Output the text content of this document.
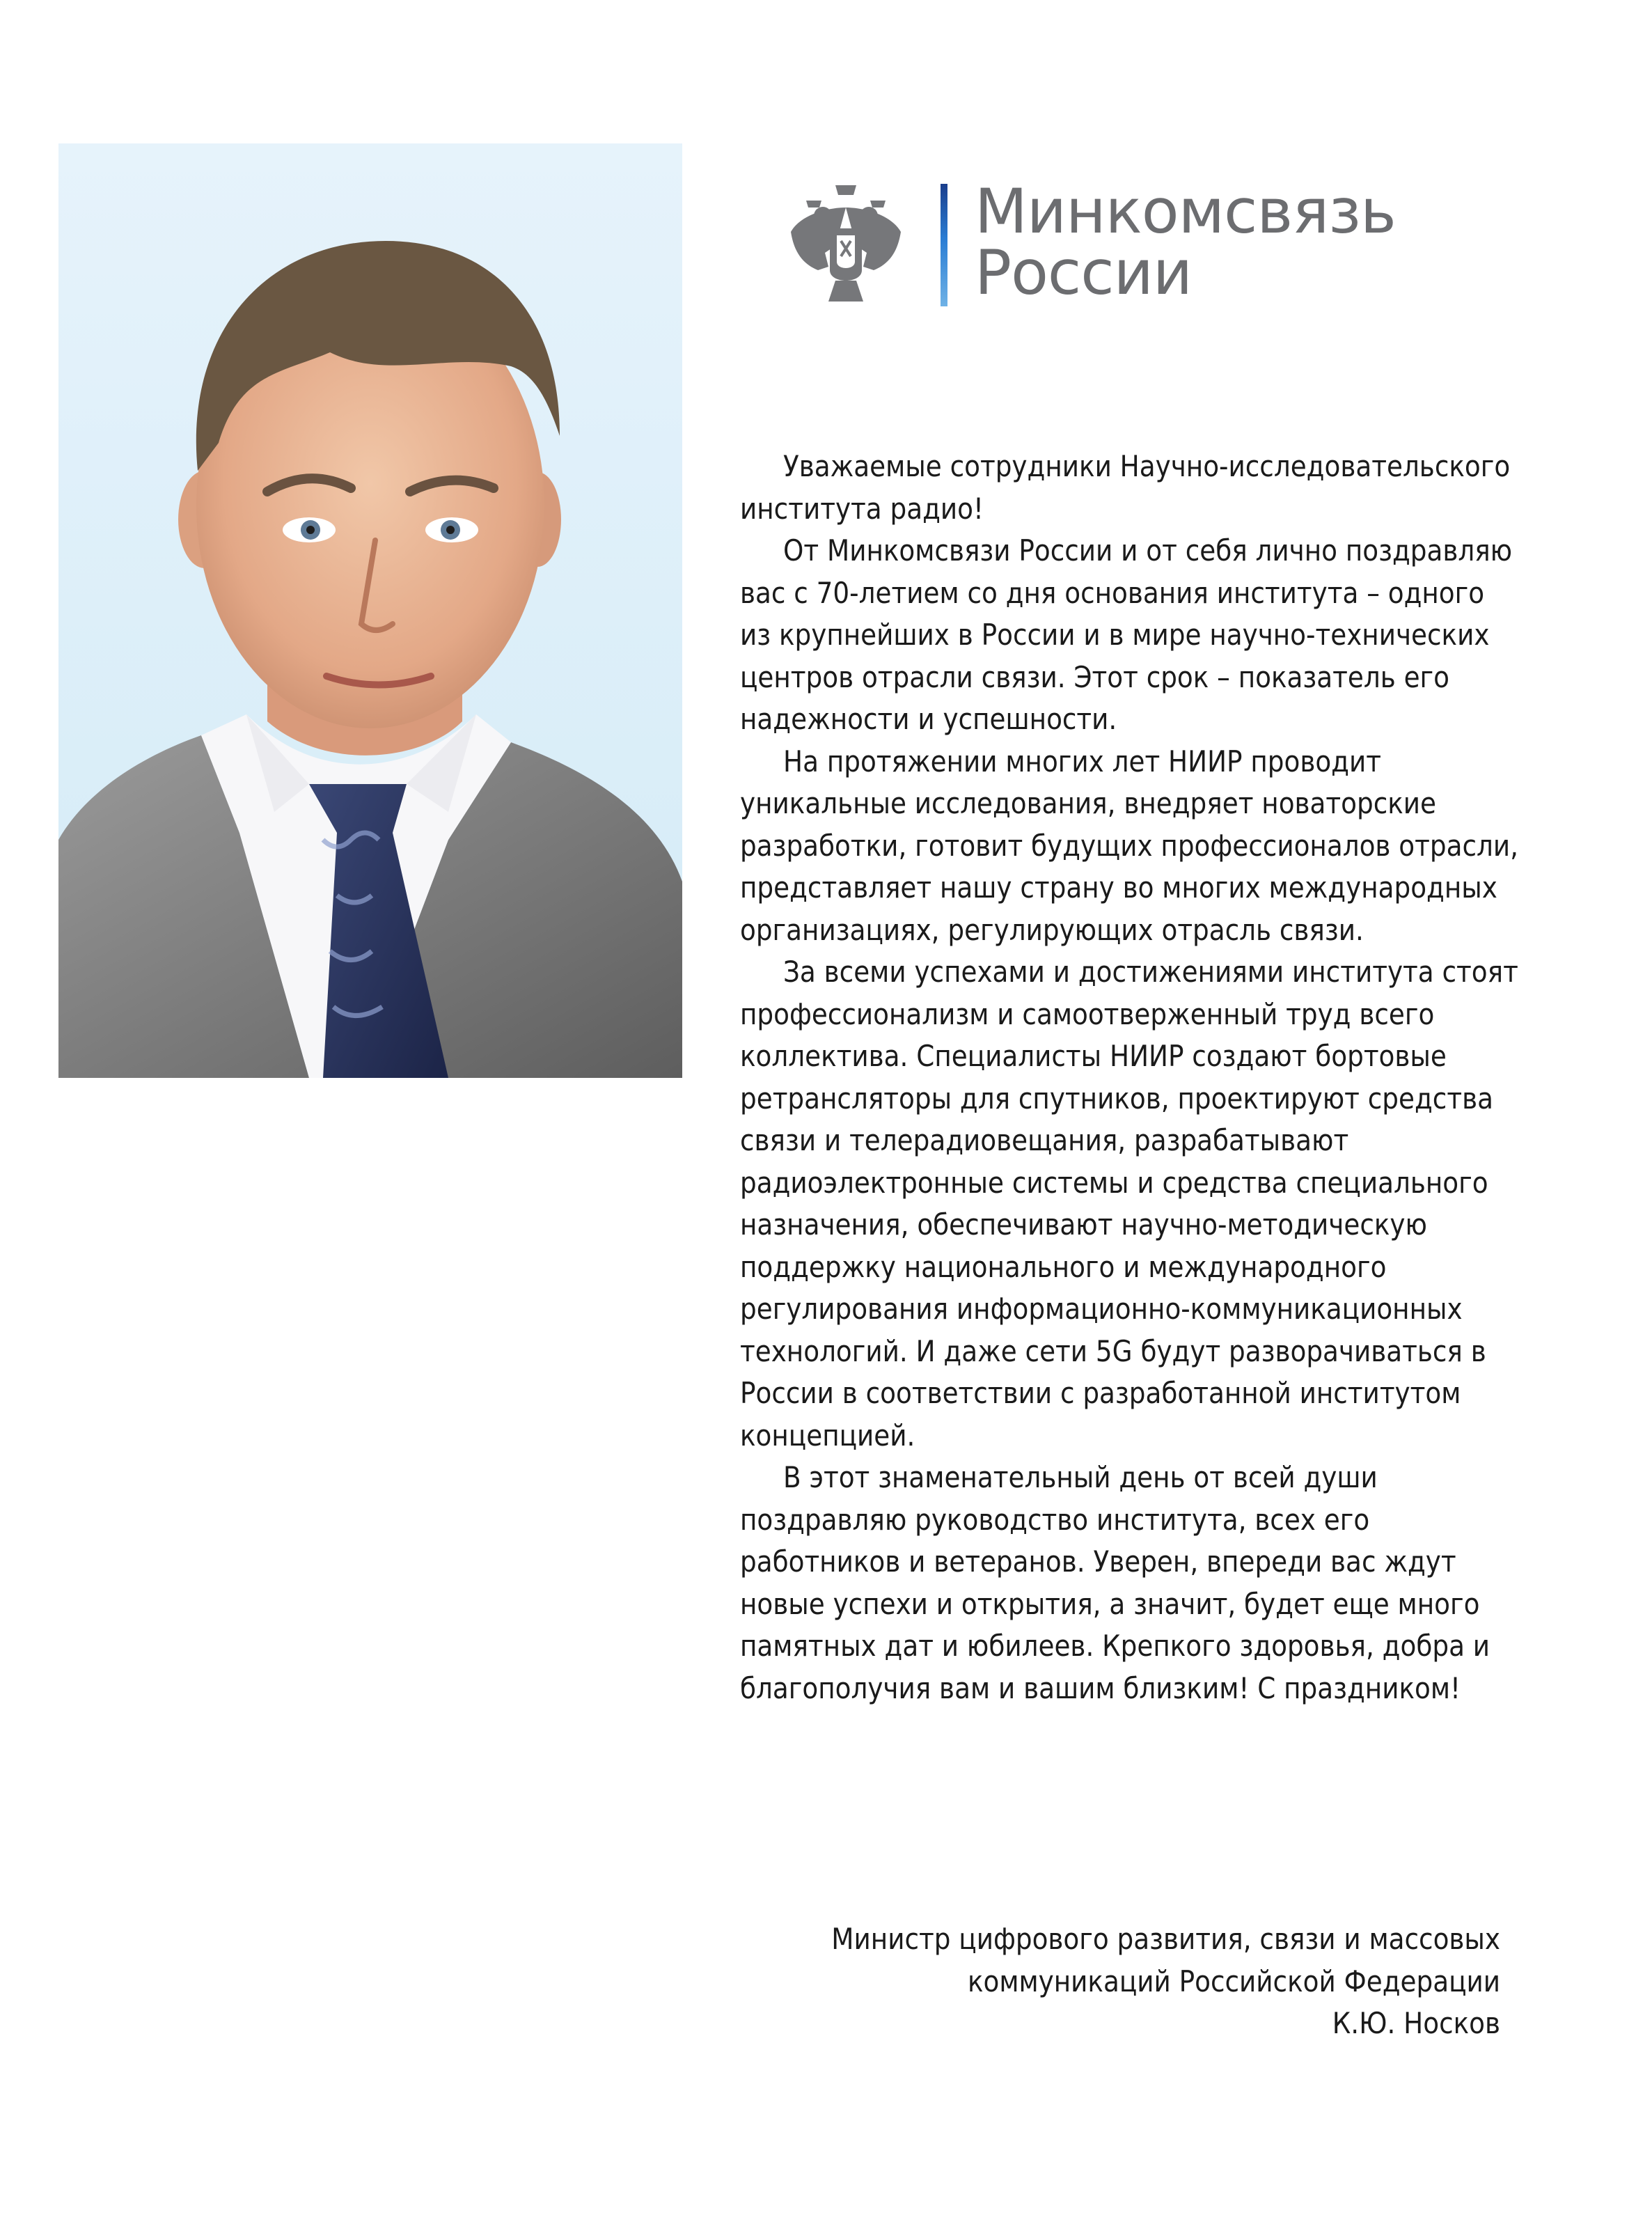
Минкомсвязь
России

Уважаемые сотрудники Научно-исследовательского института радио!

От Минкомсвязи России и от себя лично поздравляю вас с 70-летием со дня основания института – одного из крупнейших в России и в мире научно-технических центров отрасли связи. Этот срок – показатель его надежности и успешности.

На протяжении многих лет НИИР проводит уникальные исследования, внедряет новаторские разработки, готовит будущих профессионалов отрасли, представляет нашу страну во многих международных организациях, регулирующих отрасль связи.

За всеми успехами и достижениями института стоят профессионализм и самоотверженный труд всего коллектива. Специалисты НИИР создают бортовые ретрансляторы для спутников, проектируют средства связи и телерадиовещания, разрабатывают радиоэлектронные системы и средства специального назначения, обеспечивают научно-методическую поддержку национального и международного регулирования информационно-коммуникационных технологий. И даже сети 5G будут разворачиваться в России в соответствии с разработанной институтом концепцией.

В этот знаменательный день от всей души поздравляю руководство института, всех его работников и ветеранов. Уверен, впереди вас ждут новые успехи и открытия, а значит, будет еще много памятных дат и юбилеев. Крепкого здоровья, добра и благополучия вам и вашим близким! С праздником!

Министр цифрового развития, связи и массовых
коммуникаций Российской Федерации
К.Ю. Носков
